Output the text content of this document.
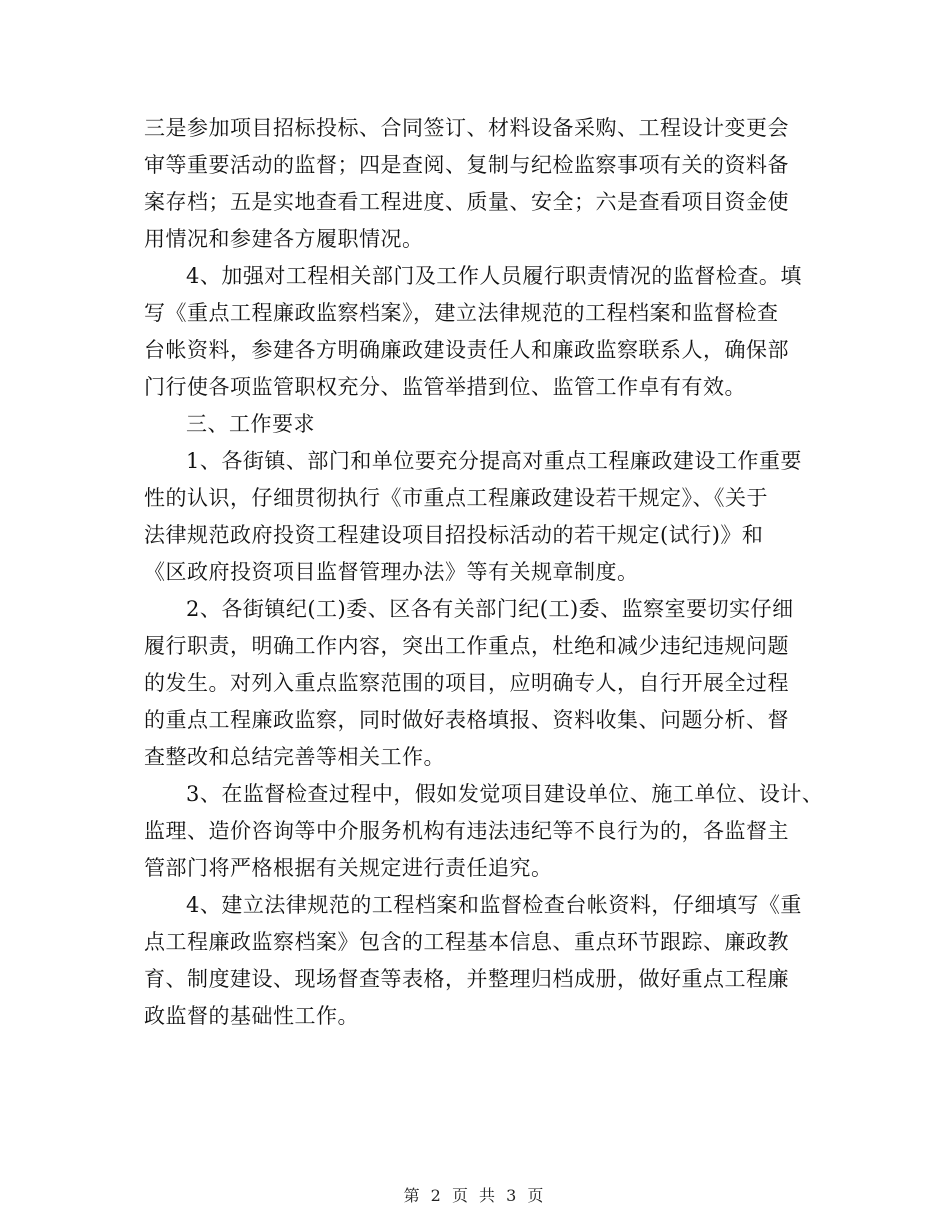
三是参加项目招标投标、合同签订、材料设备采购、工程设计变更会
审等重要活动的监督；四是查阅、复制与纪检监察事项有关的资料备
案存档；五是实地查看工程进度、质量、安全；六是查看项目资金使
用情况和参建各方履职情况。
4、加强对工程相关部门及工作人员履行职责情况的监督检查。填
写《重点工程廉政监察档案》，建立法律规范的工程档案和监督检查
台帐资料，参建各方明确廉政建设责任人和廉政监察联系人，确保部
门行使各项监管职权充分、监管举措到位、监管工作卓有有效。
三、工作要求
1、各街镇、部门和单位要充分提高对重点工程廉政建设工作重要
性的认识，仔细贯彻执行《市重点工程廉政建设若干规定》、《关于
法律规范政府投资工程建设项目招投标活动的若干规定(试行)》和
《区政府投资项目监督管理办法》等有关规章制度。
2、各街镇纪(工)委、区各有关部门纪(工)委、监察室要切实仔细
履行职责，明确工作内容，突出工作重点，杜绝和减少违纪违规问题
的发生。对列入重点监察范围的项目，应明确专人，自行开展全过程
的重点工程廉政监察，同时做好表格填报、资料收集、问题分析、督
查整改和总结完善等相关工作。
3、在监督检查过程中，假如发觉项目建设单位、施工单位、设计、
监理、造价咨询等中介服务机构有违法违纪等不良行为的，各监督主
管部门将严格根据有关规定进行责任追究。
4、建立法律规范的工程档案和监督检查台帐资料，仔细填写《重
点工程廉政监察档案》包含的工程基本信息、重点环节跟踪、廉政教
育、制度建设、现场督查等表格，并整理归档成册，做好重点工程廉
政监督的基础性工作。
第 2 页 共 3 页
